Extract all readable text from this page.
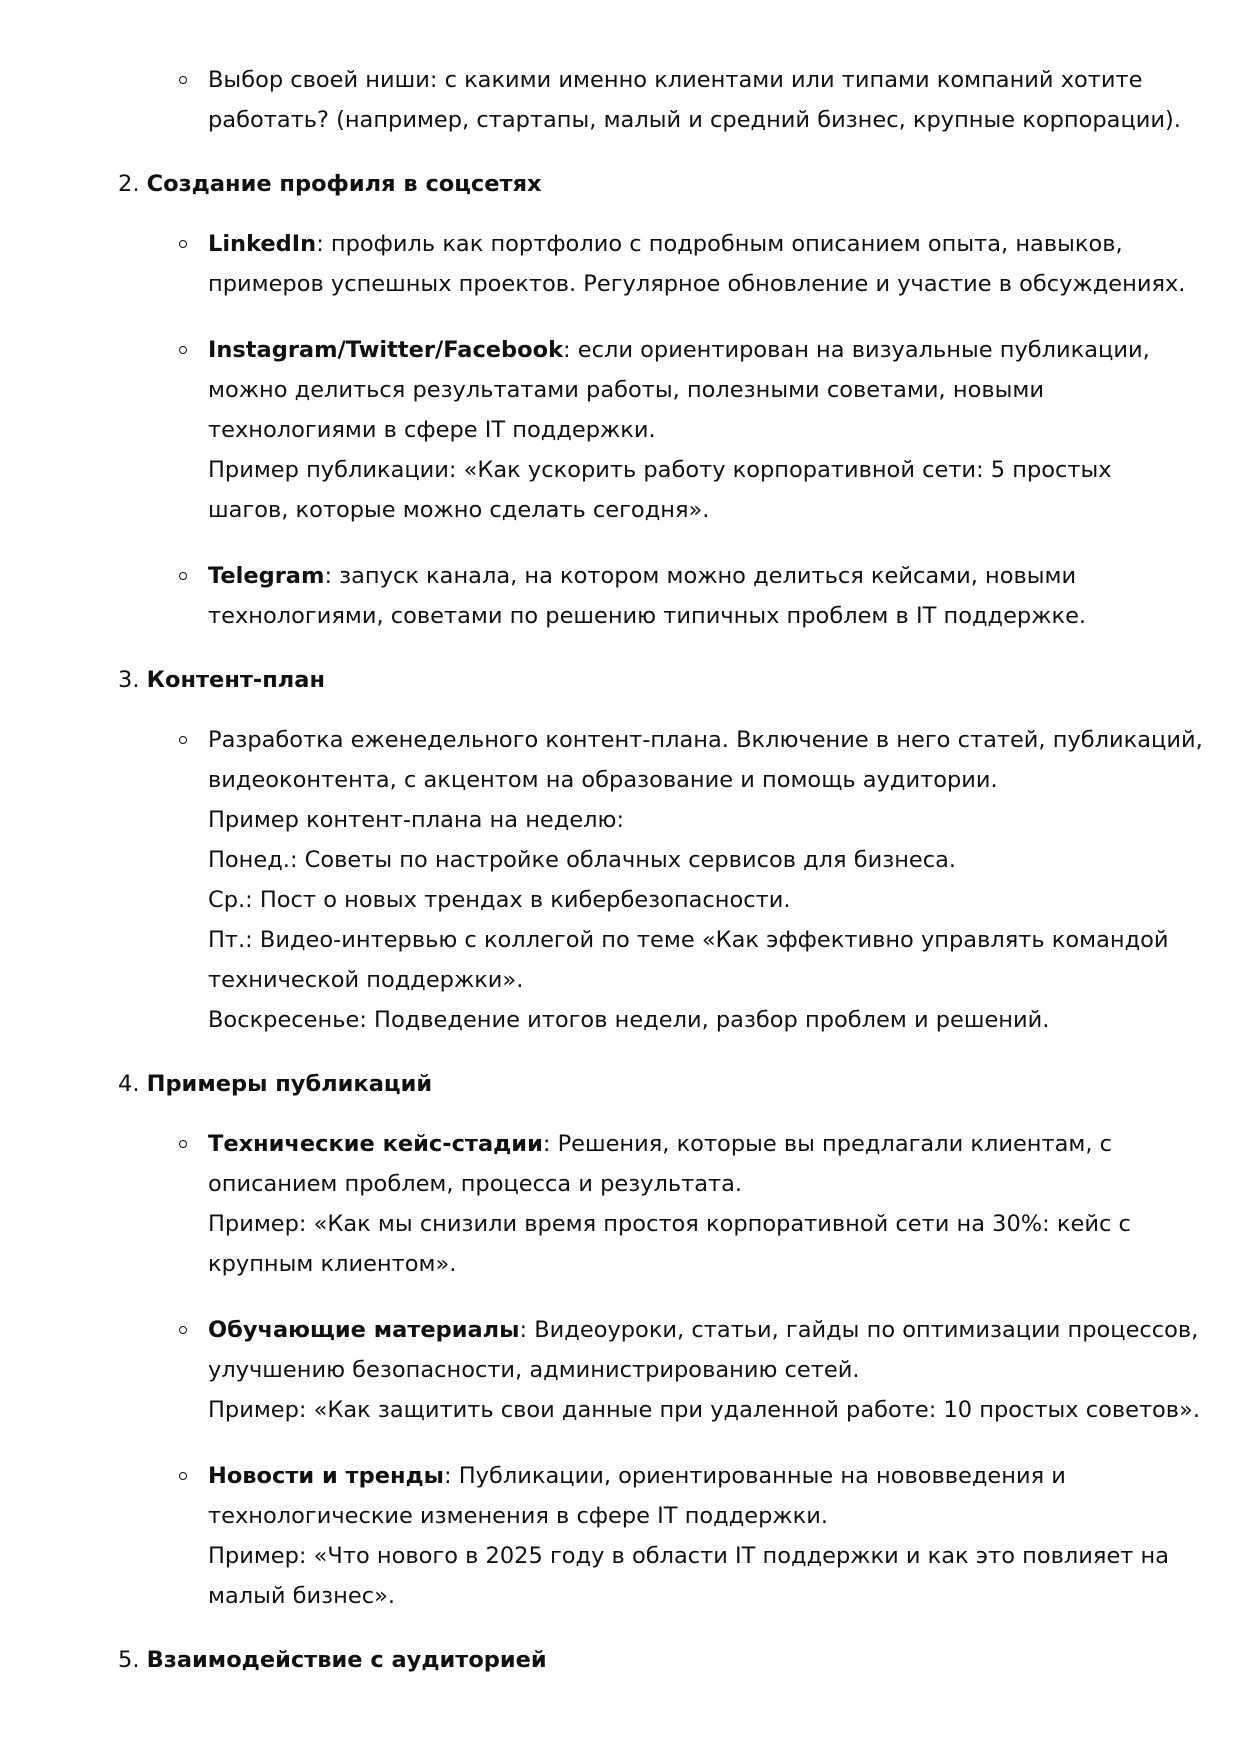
Выбор своей ниши: с какими именно клиентами или типами компаний хотите
работать? (например, стартапы, малый и средний бизнес, крупные корпорации).
2. Создание профиля в соцсетях
LinkedIn: профиль как портфолио с подробным описанием опыта, навыков,
примеров успешных проектов. Регулярное обновление и участие в обсуждениях.
Instagram/Twitter/Facebook: если ориентирован на визуальные публикации,
можно делиться результатами работы, полезными советами, новыми
технологиями в сфере IT поддержки.
Пример публикации: «Как ускорить работу корпоративной сети: 5 простых
шагов, которые можно сделать сегодня».
Telegram: запуск канала, на котором можно делиться кейсами, новыми
технологиями, советами по решению типичных проблем в IT поддержке.
3. Контент-план
Разработка еженедельного контент-плана. Включение в него статей, публикаций,
видеоконтента, с акцентом на образование и помощь аудитории.
Пример контент-плана на неделю:
Понед.: Советы по настройке облачных сервисов для бизнеса.
Ср.: Пост о новых трендах в кибербезопасности.
Пт.: Видео-интервью с коллегой по теме «Как эффективно управлять командой
технической поддержки».
Воскресенье: Подведение итогов недели, разбор проблем и решений.
4. Примеры публикаций
Технические кейс-стадии: Решения, которые вы предлагали клиентам, с
описанием проблем, процесса и результата.
Пример: «Как мы снизили время простоя корпоративной сети на 30%: кейс с
крупным клиентом».
Обучающие материалы: Видеоуроки, статьи, гайды по оптимизации процессов,
улучшению безопасности, администрированию сетей.
Пример: «Как защитить свои данные при удаленной работе: 10 простых советов».
Новости и тренды: Публикации, ориентированные на нововведения и
технологические изменения в сфере IT поддержки.
Пример: «Что нового в 2025 году в области IT поддержки и как это повлияет на
малый бизнес».
5. Взаимодействие с аудиторией
